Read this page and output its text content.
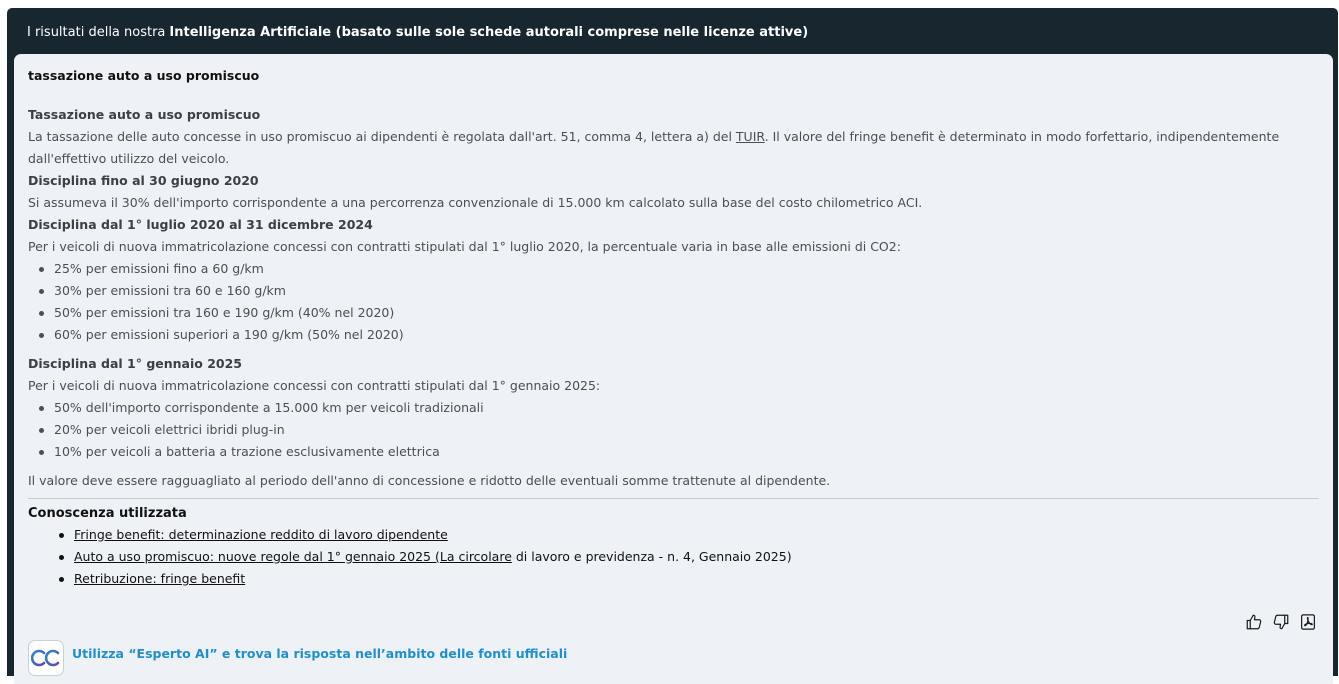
I risultati della nostra Intelligenza Artificiale (basato sulle sole schede autorali comprese nelle licenze attive)
tassazione auto a uso promiscuo
Tassazione auto a uso promiscuo

La tassazione delle auto concesse in uso promiscuo ai dipendenti è regolata dall'art. 51, comma 4, lettera a) del TUIR. Il valore del fringe benefit è determinato in modo forfettario, indipendentemente dall'effettivo utilizzo del veicolo.

Disciplina fino al 30 giugno 2020

Si assumeva il 30% dell'importo corrispondente a una percorrenza convenzionale di 15.000 km calcolato sulla base del costo chilometrico ACI.

Disciplina dal 1° luglio 2020 al 31 dicembre 2024

Per i veicoli di nuova immatricolazione concessi con contratti stipulati dal 1° luglio 2020, la percentuale varia in base alle emissioni di CO2:

25% per emissioni fino a 60 g/km
30% per emissioni tra 60 e 160 g/km
50% per emissioni tra 160 e 190 g/km (40% nel 2020)
60% per emissioni superiori a 190 g/km (50% nel 2020)
Disciplina dal 1° gennaio 2025

Per i veicoli di nuova immatricolazione concessi con contratti stipulati dal 1° gennaio 2025:

50% dell'importo corrispondente a 15.000 km per veicoli tradizionali
20% per veicoli elettrici ibridi plug-in
10% per veicoli a batteria a trazione esclusivamente elettrica

Il valore deve essere ragguagliato al periodo dell'anno di concessione e ridotto delle eventuali somme trattenute al dipendente.

Conoscenza utilizzata
Fringe benefit: determinazione reddito di lavoro dipendente
Auto a uso promiscuo: nuove regole dal 1° gennaio 2025 (La circolare di lavoro e previdenza - n. 4, Gennaio 2025)
Retribuzione: fringe benefit
Utilizza “Esperto AI” e trova la risposta nell’ambito delle fonti ufficiali
